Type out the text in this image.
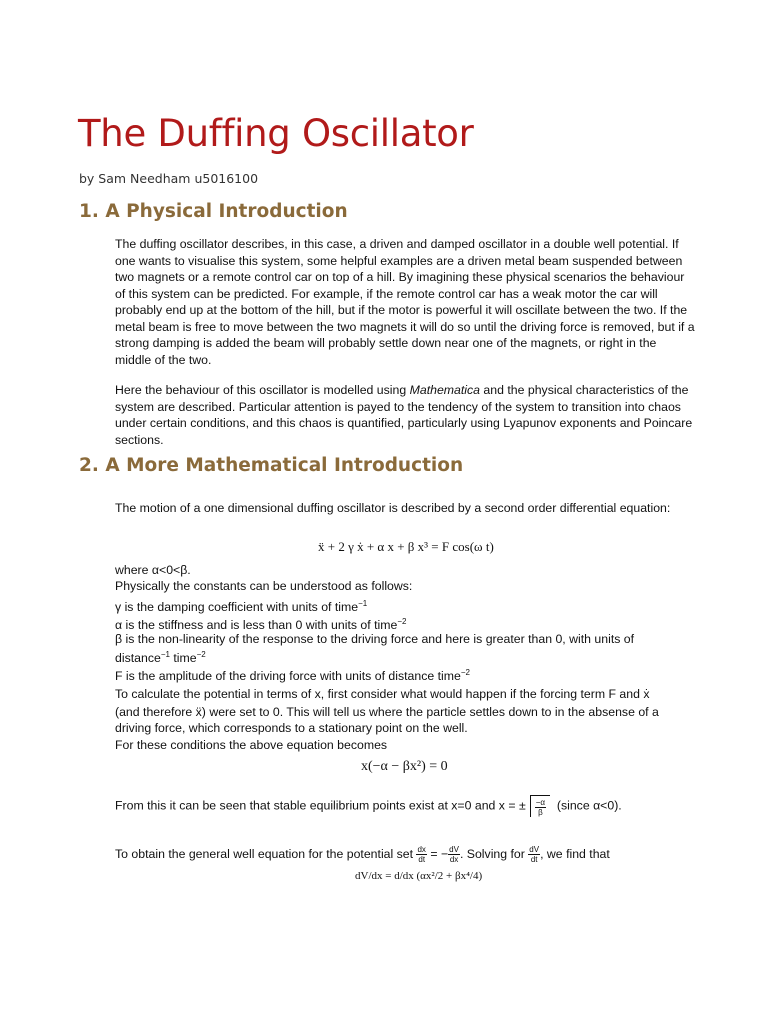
The Duffing Oscillator
by Sam Needham u5016100
1. A Physical Introduction

The duffing oscillator describes, in this case, a driven and damped oscillator in a double well potential. If one wants to visualise this system, some helpful examples are a driven metal beam suspended between two magnets or a remote control car on top of a hill. By imagining these physical scenarios the behaviour of this system can be predicted. For example, if the remote control car has a weak motor the car will probably end up at the bottom of the hill, but if the motor is powerful it will oscillate between the two. If the metal beam is free to move between the two magnets it will do so until the driving force is removed, but if a strong damping is added the beam will probably settle down near one of the magnets, or right in the middle of the two.

Here the behaviour of this oscillator is modelled using Mathematica and the physical characteristics of the system are described. Particular attention is payed to the tendency of the system to transition into chaos under certain conditions, and this chaos is quantified, particularly using Lyapunov exponents and Poincare sections.

2. A More Mathematical Introduction

The motion of a one dimensional duffing oscillator is described by a second order differential equation:

ẍ + 2 γ ẋ + α x + β x³ = F cos(ω t)
where α<0<β.
Physically the constants can be understood as follows:
γ is the damping coefficient with units of time$^{-1}$
α is the stiffness and is less than 0 with units of time$^{-2}$
β is the non-linearity of the response to the driving force and here is greater than 0, with units of
distance$^{-1}$ time$^{-2}$
F is the amplitude of the driving force with units of distance time$^{-2}$
To calculate the potential in terms of x, first consider what would happen if the forcing term F and ẋ
(and therefore ẍ) were set to 0. This will tell us where the particle settles down to in the absense of a
driving force, which corresponds to a stationary point on the well.
For these conditions the above equation becomes
x(−α − βx²) = 0
From this it can be seen that stable equilibrium points exist at x=0 and x = ± $\frac{-\alpha}{\beta}$ (since α<0).
To obtain the general well equation for the potential set $\frac{dx}{dt}$ = − $\frac{dV}{dx}$ . Solving for $\frac{dV}{dt}$ , we find that
dV/dx = d/dx (αx²/2 + βx⁴/4)
